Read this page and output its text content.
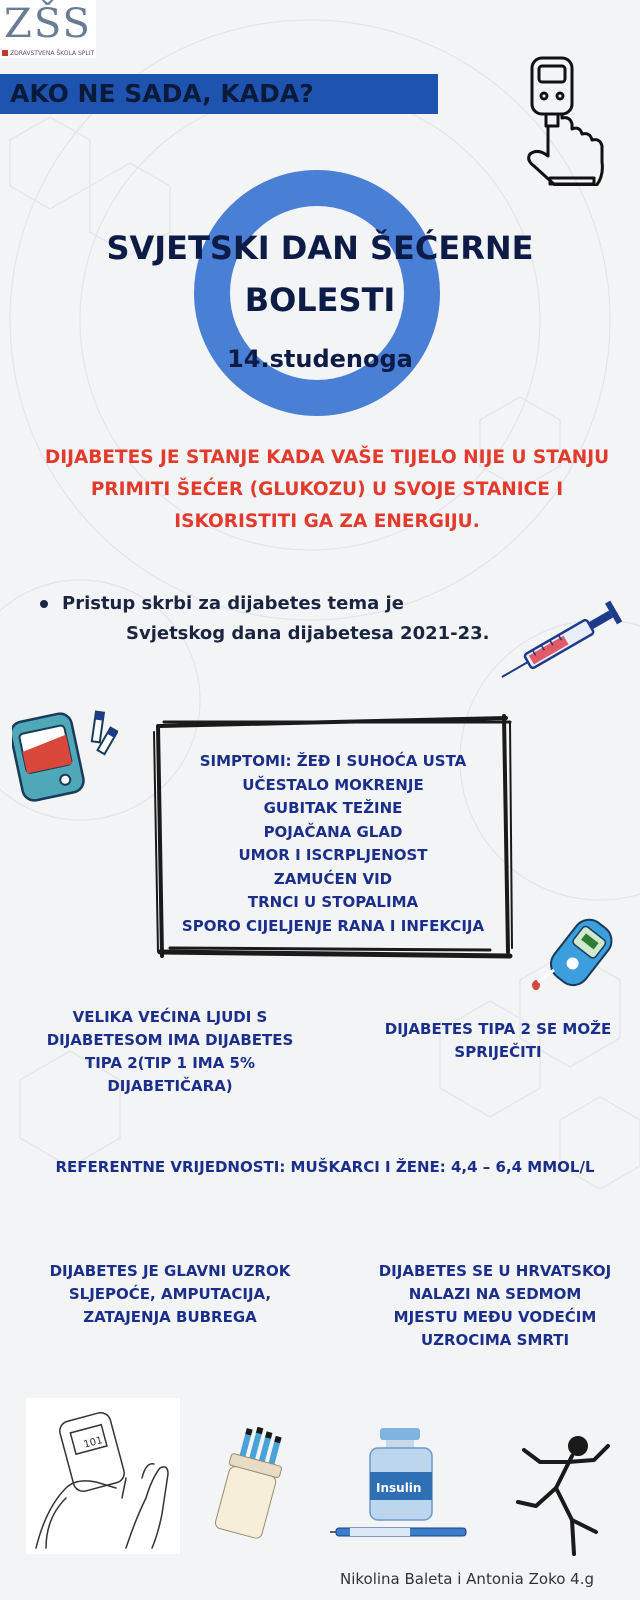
ZŠS
ZDRAVSTVENA ŠKOLA SPLIT
AKO NE SADA, KADA?
SVJETSKI DAN ŠEĆERNE
BOLESTI
14.studenoga
DIJABETES JE STANJE KADA VAŠE TIJELO NIJE U STANJU
PRIMITI ŠEĆER (GLUKOZU) U SVOJE STANICE I
ISKORISTITI GA ZA ENERGIJU.
Pristup skrbi za dijabetes tema je
Svjetskog dana dijabetesa 2021-23.
SIMPTOMI: ŽEĐ I SUHOĆA USTA
UČESTALO MOKRENJE
GUBITAK TEŽINE
POJAČANA GLAD
UMOR I ISCRPLJENOST
ZAMUĆEN VID
TRNCI U STOPALIMA
SPORO CIJELJENJE RANA I INFEKCIJA
VELIKA VEĆINA LJUDI S
DIJABETESOM IMA DIJABETES
TIPA 2(TIP 1 IMA 5%
DIJABETIČARA)
DIJABETES TIPA 2 SE MOŽE
SPRIJEČITI
REFERENTNE VRIJEDNOSTI: MUŠKARCI I ŽENE: 4,4 – 6,4 MMOL/L
DIJABETES JE GLAVNI UZROK
SLJEPOĆE, AMPUTACIJA,
ZATAJENJA BUBREGA
DIJABETES SE U HRVATSKOJ
NALAZI NA SEDMOM
MJESTU MEĐU VODEĆIM
UZROCIMA SMRTI
101
Insulin
Nikolina Baleta i Antonia Zoko 4.g
